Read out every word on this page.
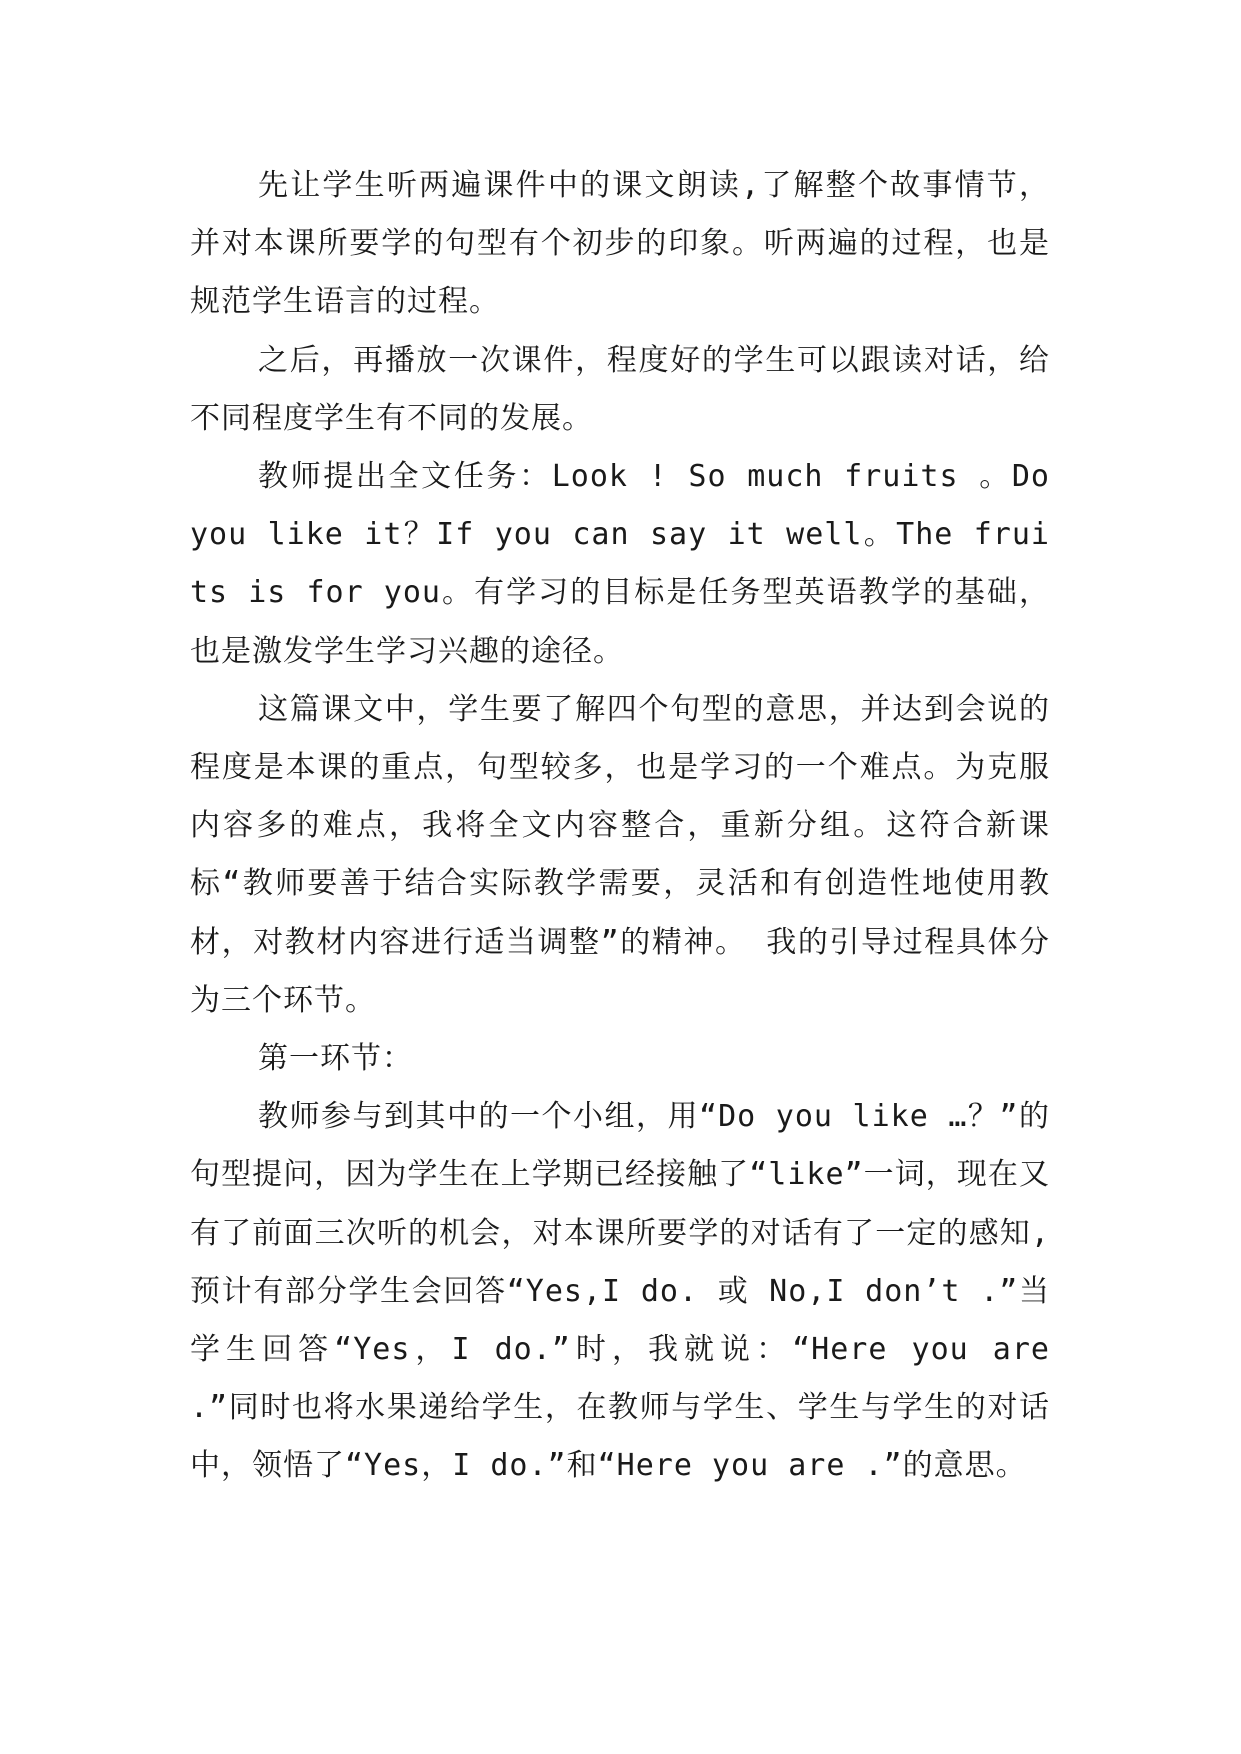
先让学生听两遍课件中的课文朗读,了解整个故事情节，并对本课所要学的句型有个初步的印象。听两遍的过程，也是规范学生语言的过程。

之后，再播放一次课件，程度好的学生可以跟读对话，给不同程度学生有不同的发展。

教师提出全文任务：Look ! So much fruits 。Do you like it？If you can say it well。The fruits is for you。有学习的目标是任务型英语教学的基础，也是激发学生学习兴趣的途径。

这篇课文中，学生要了解四个句型的意思，并达到会说的程度是本课的重点，句型较多，也是学习的一个难点。为克服内容多的难点，我将全文内容整合，重新分组。这符合新课标“教师要善于结合实际教学需要，灵活和有创造性地使用教材，对教材内容进行适当调整”的精神。 我的引导过程具体分为三个环节。

第一环节：

教师参与到其中的一个小组，用“Do you like …？”的句型提问，因为学生在上学期已经接触了“like”一词，现在又有了前面三次听的机会，对本课所要学的对话有了一定的感知,预计有部分学生会回答“Yes,I do. 或 No,I don’t .”当学生回答“Yes，I do.”时，我就说：“Here you are .”同时也将水果递给学生，在教师与学生、学生与学生的对话中，领悟了“Yes，I do.”和“Here you are .”的意思。
